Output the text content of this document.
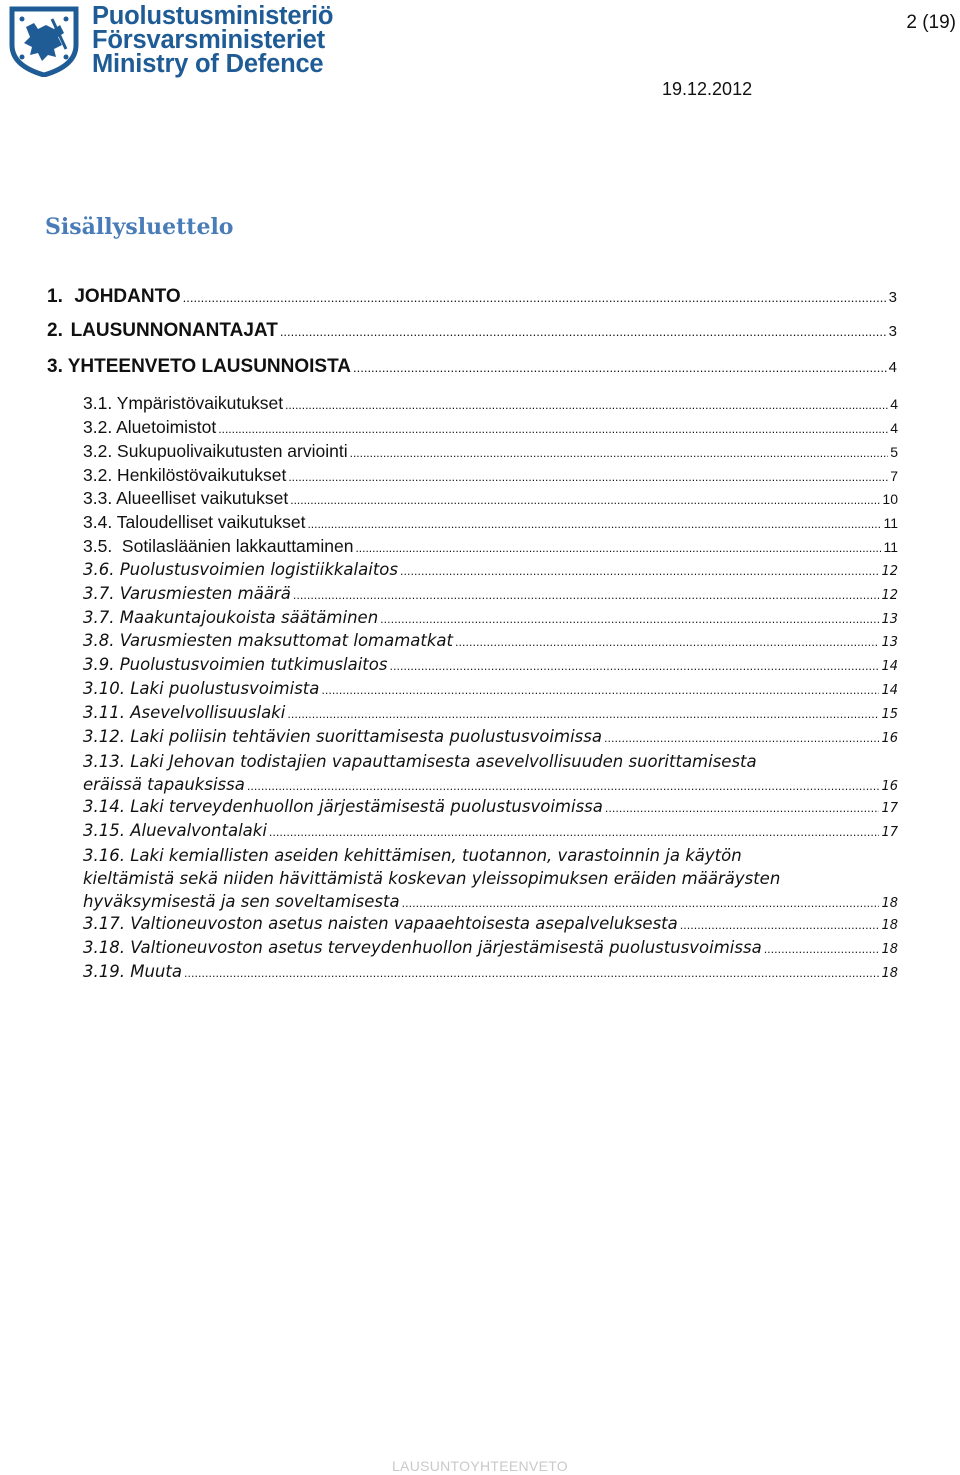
Puolustusministeriö
Försvarsministeriet
Ministry of Defence
2 (19)
19.12.2012
Sisällysluettelo
1. JOHDANTO .....	3
2. LAUSUNNONANTAJAT .....	3
3. YHTEENVETO LAUSUNNOISTA .....	4
3.1. Ympäristövaikutukset .....	4
3.2. Aluetoimistot .....	4
3.2. Sukupuolivaikutusten arviointi .....	5
3.2. Henkilöstövaikutukset .....	7
3.3. Alueelliset vaikutukset .....	10
3.4. Taloudelliset vaikutukset .....	11
3.5.  Sotilasläänien lakkauttaminen .....	11
3.6. Puolustusvoimien logistiikkalaitos .....	12
3.7. Varusmiesten määrä .....	12
3.7. Maakuntajoukoista säätäminen .....	13
3.8. Varusmiesten maksuttomat lomamatkat .....	13
3.9. Puolustusvoimien tutkimuslaitos .....	14
3.10. Laki puolustusvoimista .....	14
3.11. Asevelvollisuuslaki .....	15
3.12. Laki poliisin tehtävien suorittamisesta puolustusvoimissa .....	16
3.13. Laki Jehovan todistajien vapauttamisesta asevelvollisuuden suorittamisesta
eräissä tapauksissa .....	16
3.14. Laki terveydenhuollon järjestämisestä puolustusvoimissa .....	17
3.15. Aluevalvontalaki .....	17
3.16. Laki kemiallisten aseiden kehittämisen, tuotannon, varastoinnin ja käytön
kieltämistä sekä niiden hävittämistä koskevan yleissopimuksen eräiden määräysten
hyväksymisestä ja sen soveltamisesta .....	18
3.17. Valtioneuvoston asetus naisten vapaaehtoisesta asepalveluksesta .....	18
3.18. Valtioneuvoston asetus terveydenhuollon järjestämisestä puolustusvoimissa .....	18
3.19. Muuta .....	18
LAUSUNTOYHTEENVETO
